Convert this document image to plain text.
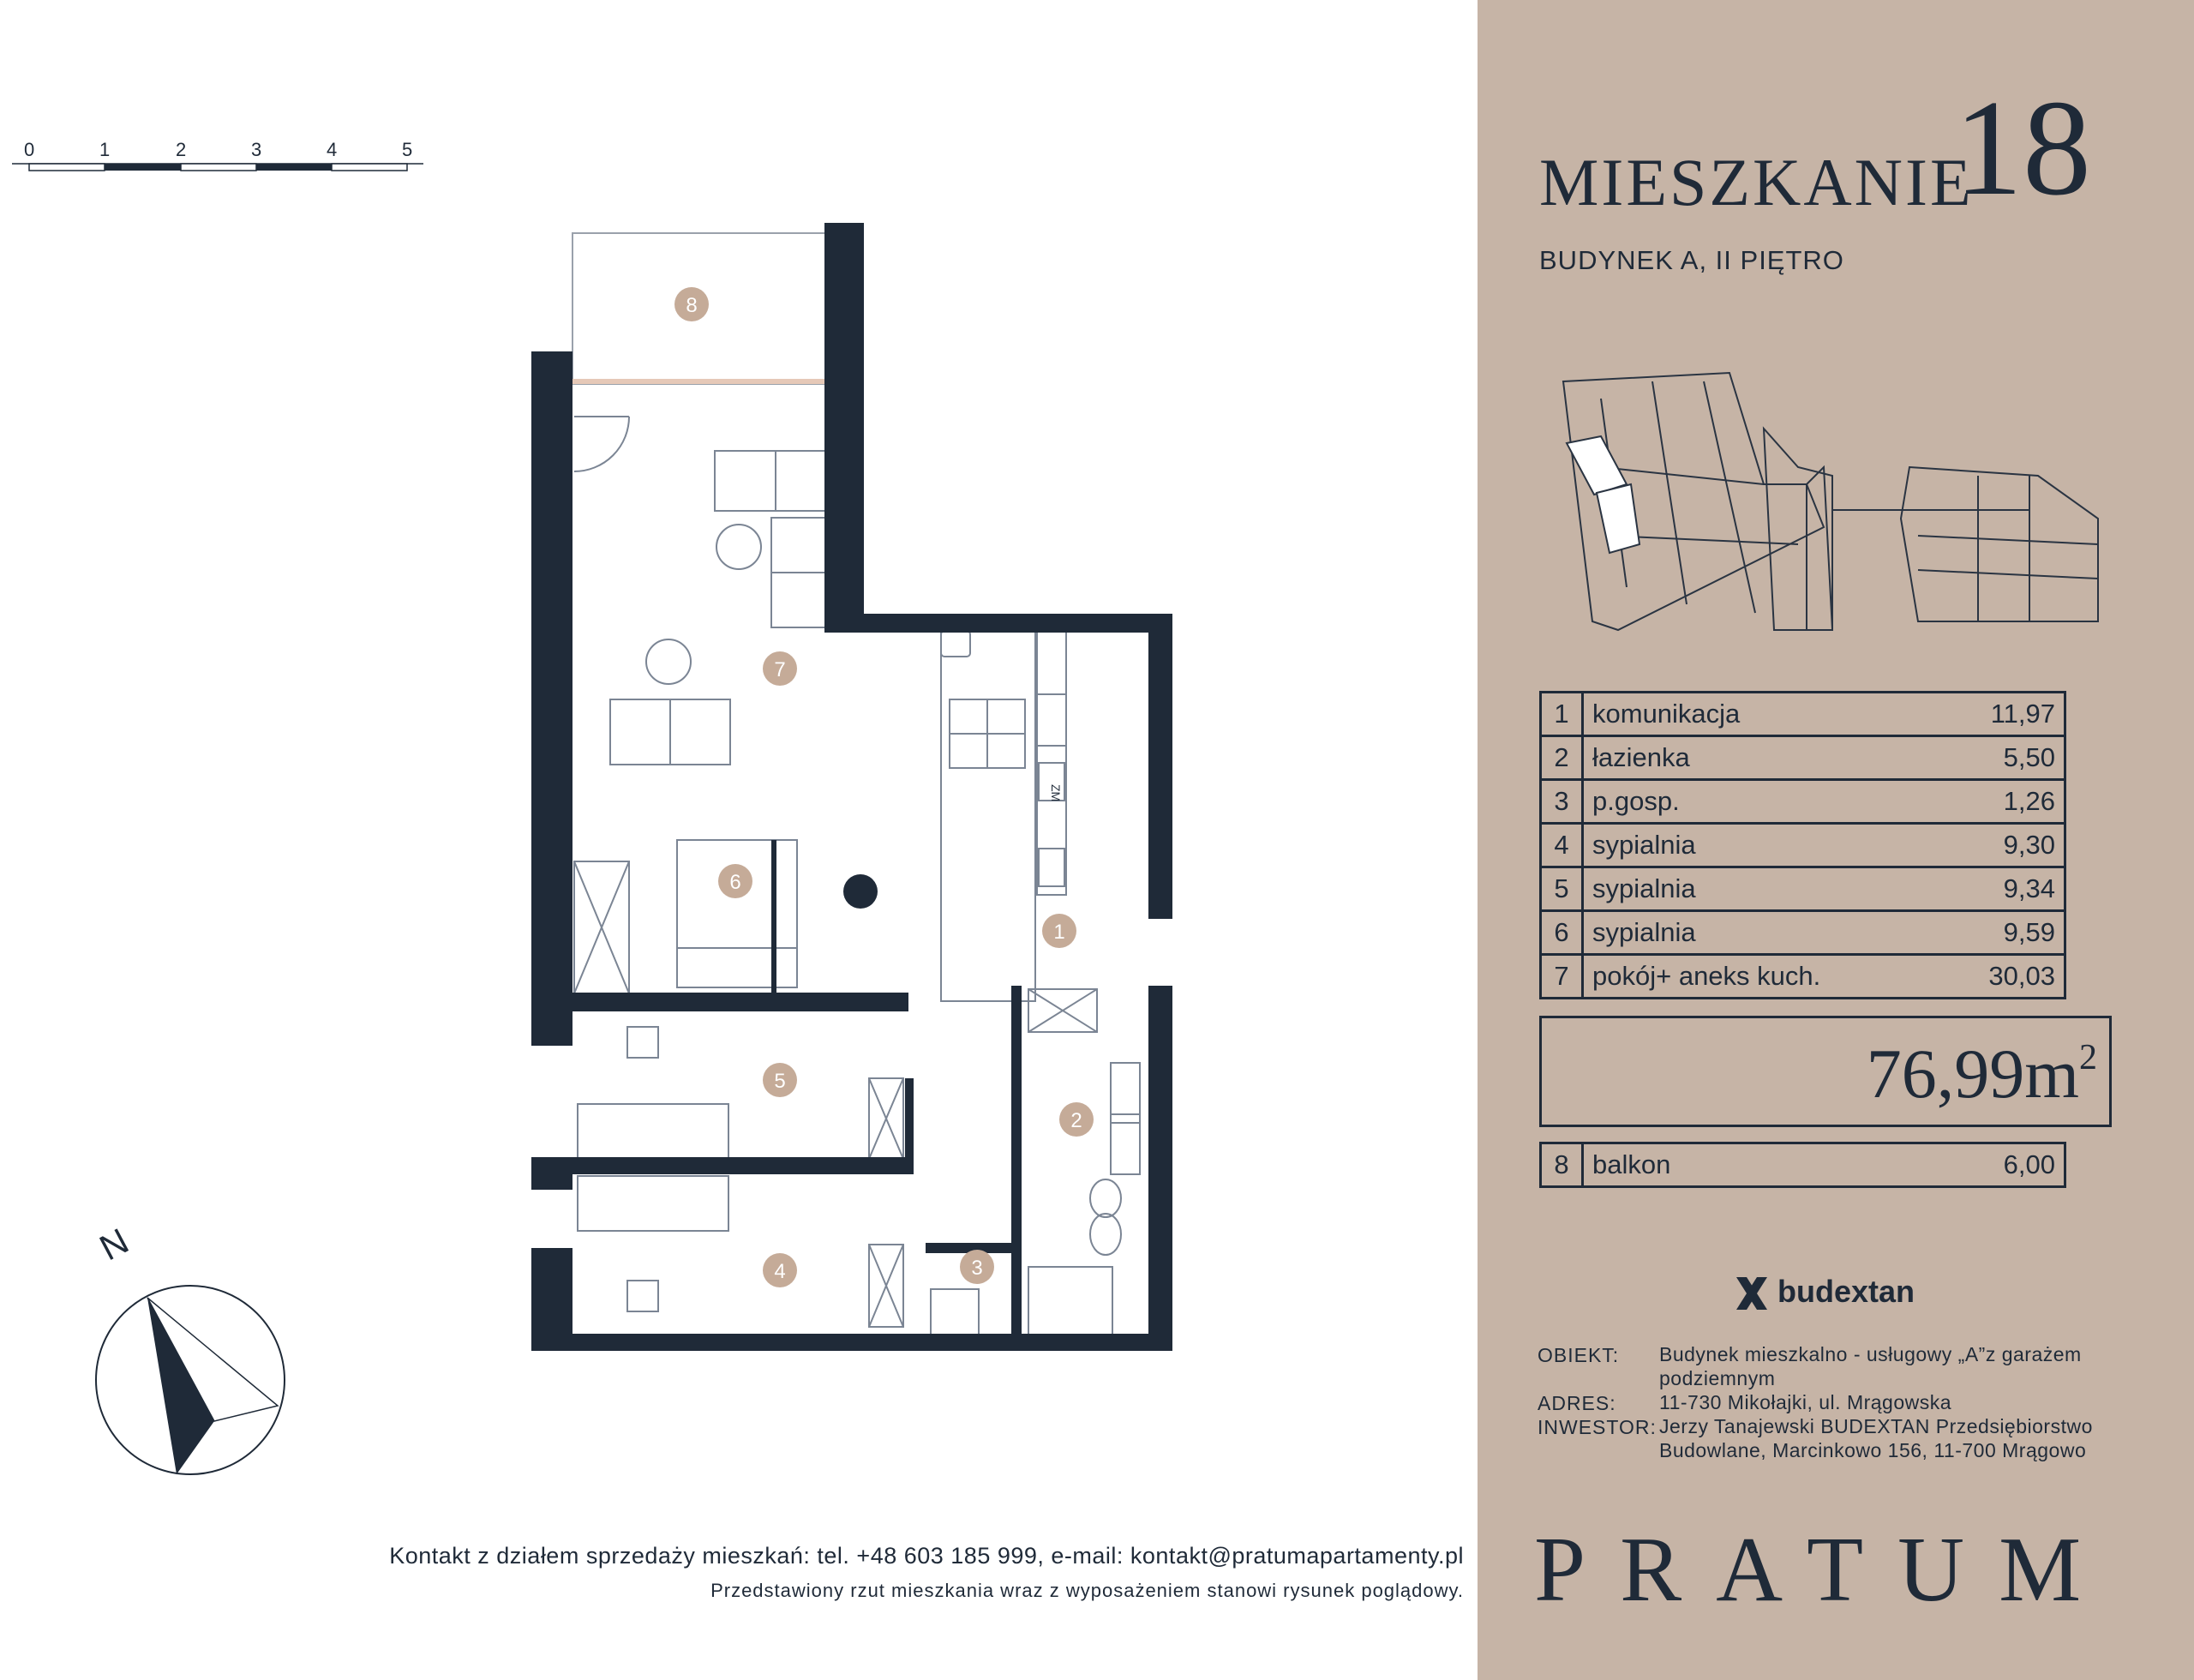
0	1	2	3	4	5
N
8
7
6
1
2
5
4	3
ZM
Kontakt z działem sprzedaży mieszkań: tel. +48 603 185 999, e-mail: kontakt@pratumapartamenty.pl
Przedstawiony rzut mieszkania wraz z wyposażeniem stanowi rysunek poglądowy.
MIESZKANIE
18
BUDYNEK A, II PIĘTRO
1	komunikacja	11,97
2	łazienka	5,50
3	p.gosp.	1,26
4	sypialnia	9,30
5	sypialnia	9,34
6	sypialnia	9,59
7	pokój+ aneks kuch.	30,03
$76,99m^2$
8	balkon	6,00
budextan
OBIEKT: Budynek mieszkalno - usługowy „A”z garażem podziemnym
ADRES: 11-730 Mikołajki, ul. Mrągowska
INWESTOR: Jerzy Tanajewski BUDEXTAN Przedsiębiorstwo Budowlane, Marcinkowo 156, 11-700 Mrągowo
PRATUM
